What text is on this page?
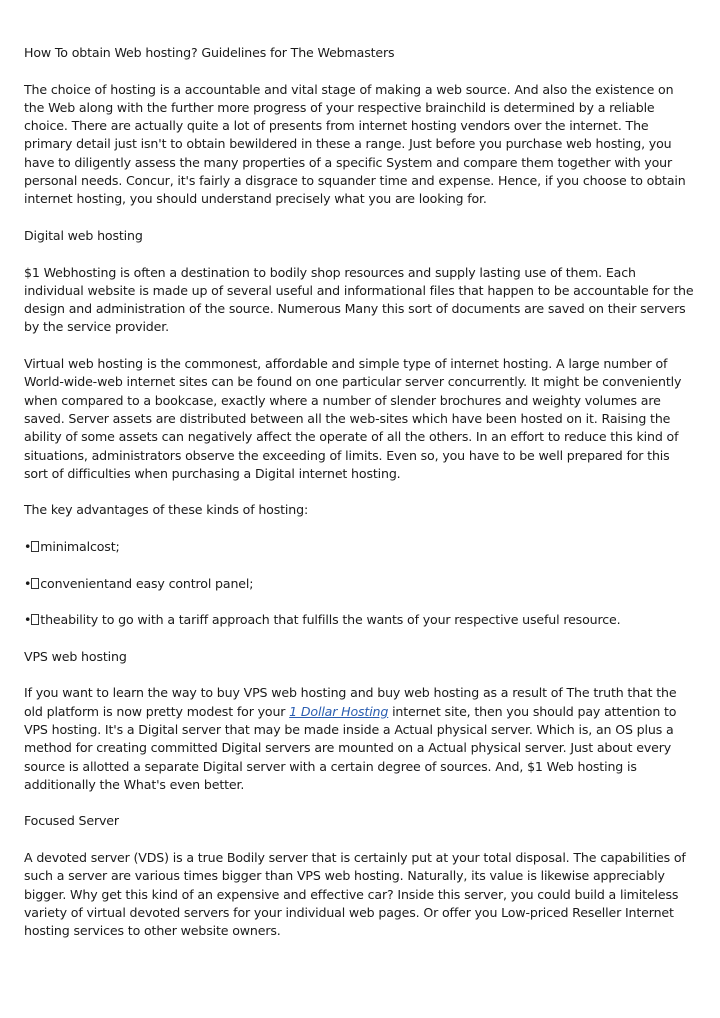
How To obtain Web hosting? Guidelines for The Webmasters

The choice of hosting is a accountable and vital stage of making a web source. And also the existence on the Web along with the further more progress of your respective brainchild is determined by a reliable choice. There are actually quite a lot of presents from internet hosting vendors over the internet. The primary detail just isn't to obtain bewildered in these a range. Just before you purchase web hosting, you have to diligently assess the many properties of a specific System and compare them together with your personal needs. Concur, it's fairly a disgrace to squander time and expense. Hence, if you choose to obtain internet hosting, you should understand precisely what you are looking for.

Digital web hosting

$1 Webhosting is often a destination to bodily shop resources and supply lasting use of them. Each individual website is made up of several useful and informational files that happen to be accountable for the design and administration of the source. Numerous Many this sort of documents are saved on their servers by the service provider.

Virtual web hosting is the commonest, affordable and simple type of internet hosting. A large number of World-wide-web internet sites can be found on one particular server concurrently. It might be conveniently when compared to a bookcase, exactly where a number of slender brochures and weighty volumes are saved. Server assets are distributed between all the web-sites which have been hosted on it. Raising the ability of some assets can negatively affect the operate of all the others. In an effort to reduce this kind of situations, administrators observe the exceeding of limits. Even so, you have to be well prepared for this sort of difficulties when purchasing a Digital internet hosting.

The key advantages of these kinds of hosting:

• minimalcost;

• convenientand easy control panel;

• theability to go with a tariff approach that fulfills the wants of your respective useful resource.

VPS web hosting

If you want to learn the way to buy VPS web hosting and buy web hosting as a result of The truth that the old platform is now pretty modest for your 1 Dollar Hosting internet site, then you should pay attention to VPS hosting. It's a Digital server that may be made inside a Actual physical server. Which is, an OS plus a method for creating committed Digital servers are mounted on a Actual physical server. Just about every source is allotted a separate Digital server with a certain degree of sources. And, $1 Web hosting is additionally the What's even better.

Focused Server

A devoted server (VDS) is a true Bodily server that is certainly put at your total disposal. The capabilities of such a server are various times bigger than VPS web hosting. Naturally, its value is likewise appreciably bigger. Why get this kind of an expensive and effective car? Inside this server, you could build a limiteless variety of virtual devoted servers for your individual web pages. Or offer you Low-priced Reseller Internet hosting services to other website owners.
